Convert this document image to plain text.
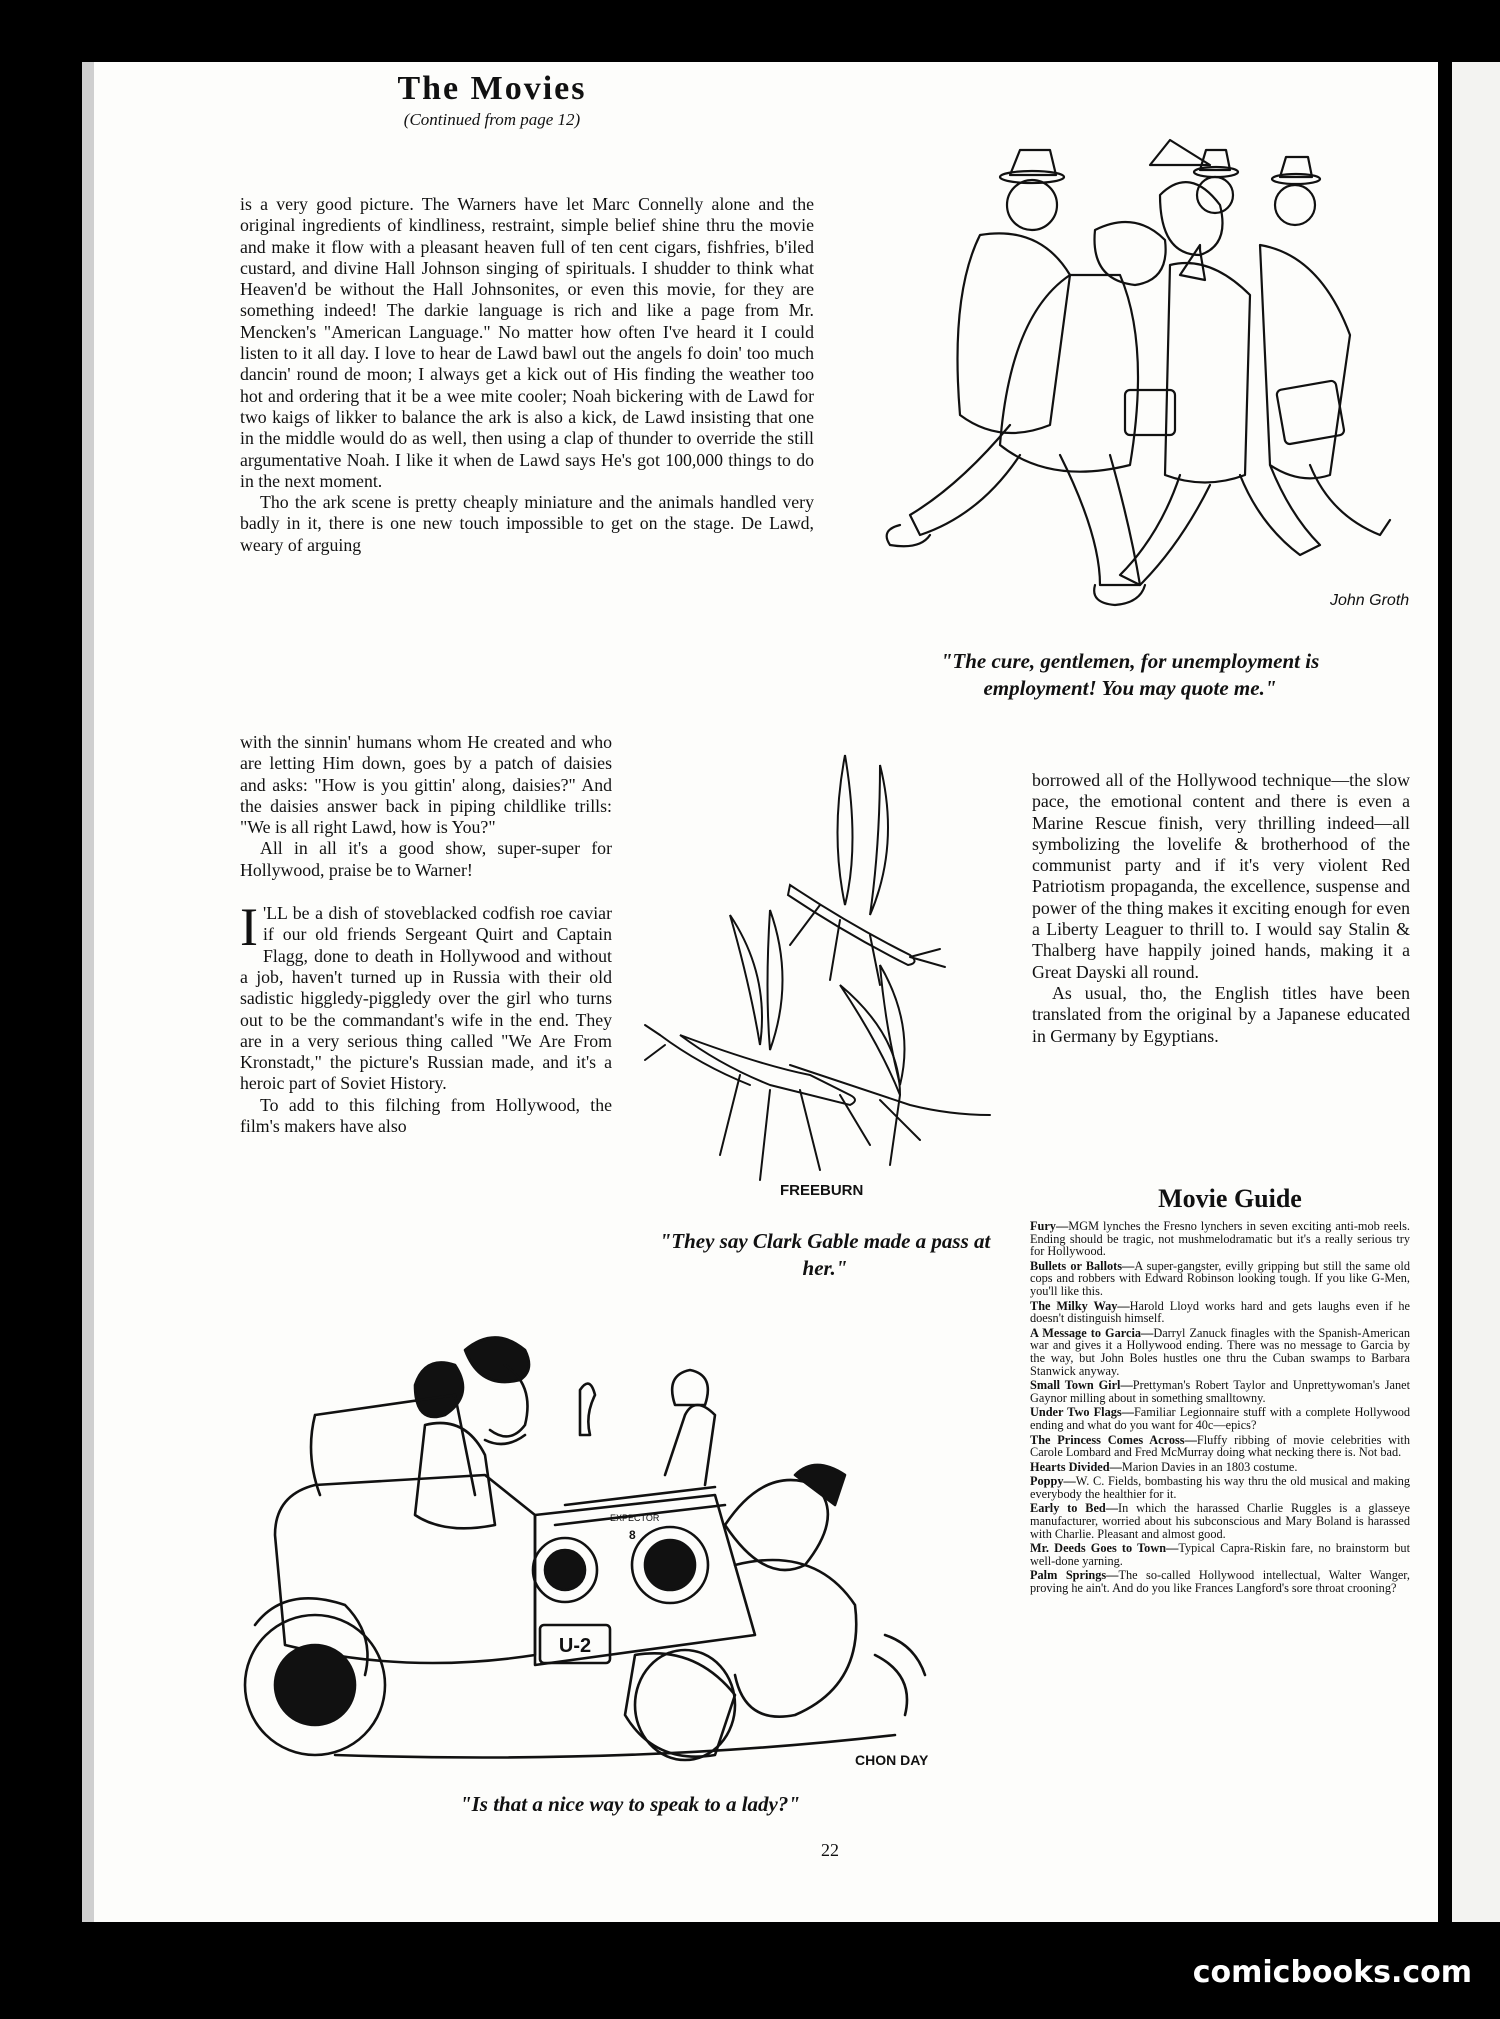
The Movies
(Continued from page 12)

is a very good picture. The Warners have let Marc Connelly alone and the original ingredients of kindliness, restraint, simple belief shine thru the movie and make it flow with a pleasant heaven full of ten cent cigars, fishfries, b'iled custard, and divine Hall Johnson singing of spirituals. I shudder to think what Heaven'd be without the Hall Johnsonites, or even this movie, for they are something indeed! The darkie language is rich and like a page from Mr. Mencken's "American Language." No matter how often I've heard it I could listen to it all day. I love to hear de Lawd bawl out the angels fo doin' too much dancin' round de moon; I always get a kick out of His finding the weather too hot and ordering that it be a wee mite cooler; Noah bickering with de Lawd for two kaigs of likker to balance the ark is also a kick, de Lawd insisting that one in the middle would do as well, then using a clap of thunder to override the still argumentative Noah. I like it when de Lawd says He's got 100,000 things to do in the next moment.

Tho the ark scene is pretty cheaply miniature and the animals handled very badly in it, there is one new touch impossible to get on the stage. De Lawd, weary of arguing

with the sinnin' humans whom He created and who are letting Him down, goes by a patch of daisies and asks: "How is you gittin' along, daisies?" And the daisies answer back in piping childlike trills: "We is all right Lawd, how is You?"

All in all it's a good show, super-super for Hollywood, praise be to Warner!

I 'LL be a dish of stoveblacked codfish roe caviar if our old friends Sergeant Quirt and Captain Flagg, done to death in Hollywood and without a job, haven't turned up in Russia with their old sadistic higgledy-piggledy over the girl who turns out to be the commandant's wife in the end. They are in a very serious thing called "We Are From Kronstadt," the picture's Russian made, and it's a heroic part of Soviet History.

To add to this filching from Hollywood, the film's makers have also

borrowed all of the Hollywood technique—the slow pace, the emotional content and there is even a Marine Rescue finish, very thrilling indeed—all symbolizing the lovelife & brotherhood of the communist party and if it's very violent Red Patriotism propaganda, the excellence, suspense and power of the thing makes it exciting enough for even a Liberty Leaguer to thrill to. I would say Stalin & Thalberg have happily joined hands, making it a Great Dayski all round.

As usual, tho, the English titles have been translated from the original by a Japanese educated in Germany by Egyptians.

John Groth
"The cure, gentlemen, for unemployment is employment! You may quote me."
FREEBURN
"They say Clark Gable made a pass at her."
EXPECTOR
8
U-2
CHON DAY
"Is that a nice way to speak to a lady?"
Movie Guide
Fury — MGM lynches the Fresno lynchers in seven exciting anti-mob reels. Ending should be tragic, not mushmelodramatic but it's a really serious try for Hollywood.
Bullets or Ballots — A super-gangster, evilly gripping but still the same old cops and robbers with Edward Robinson looking tough. If you like G-Men, you'll like this.
The Milky Way — Harold Lloyd works hard and gets laughs even if he doesn't distinguish himself.
A Message to Garcia — Darryl Zanuck finagles with the Spanish-American war and gives it a Hollywood ending. There was no message to Garcia by the way, but John Boles hustles one thru the Cuban swamps to Barbara Stanwick anyway.
Small Town Girl — Prettyman's Robert Taylor and Unprettywoman's Janet Gaynor milling about in something smalltowny.
Under Two Flags — Familiar Legionnaire stuff with a complete Hollywood ending and what do you want for 40c—epics?
The Princess Comes Across — Fluffy ribbing of movie celebrities with Carole Lombard and Fred McMurray doing what necking there is. Not bad.
Hearts Divided — Marion Davies in an 1803 costume.
Poppy — W. C. Fields, bombasting his way thru the old musical and making everybody the healthier for it.
Early to Bed — In which the harassed Charlie Ruggles is a glasseye manufacturer, worried about his subconscious and Mary Boland is harassed with Charlie. Pleasant and almost good.
Mr. Deeds Goes to Town — Typical Capra-Riskin fare, no brainstorm but well-done yarning.
Palm Springs — The so-called Hollywood intellectual, Walter Wanger, proving he ain't. And do you like Frances Langford's sore throat crooning?
22
comicbooks.com
